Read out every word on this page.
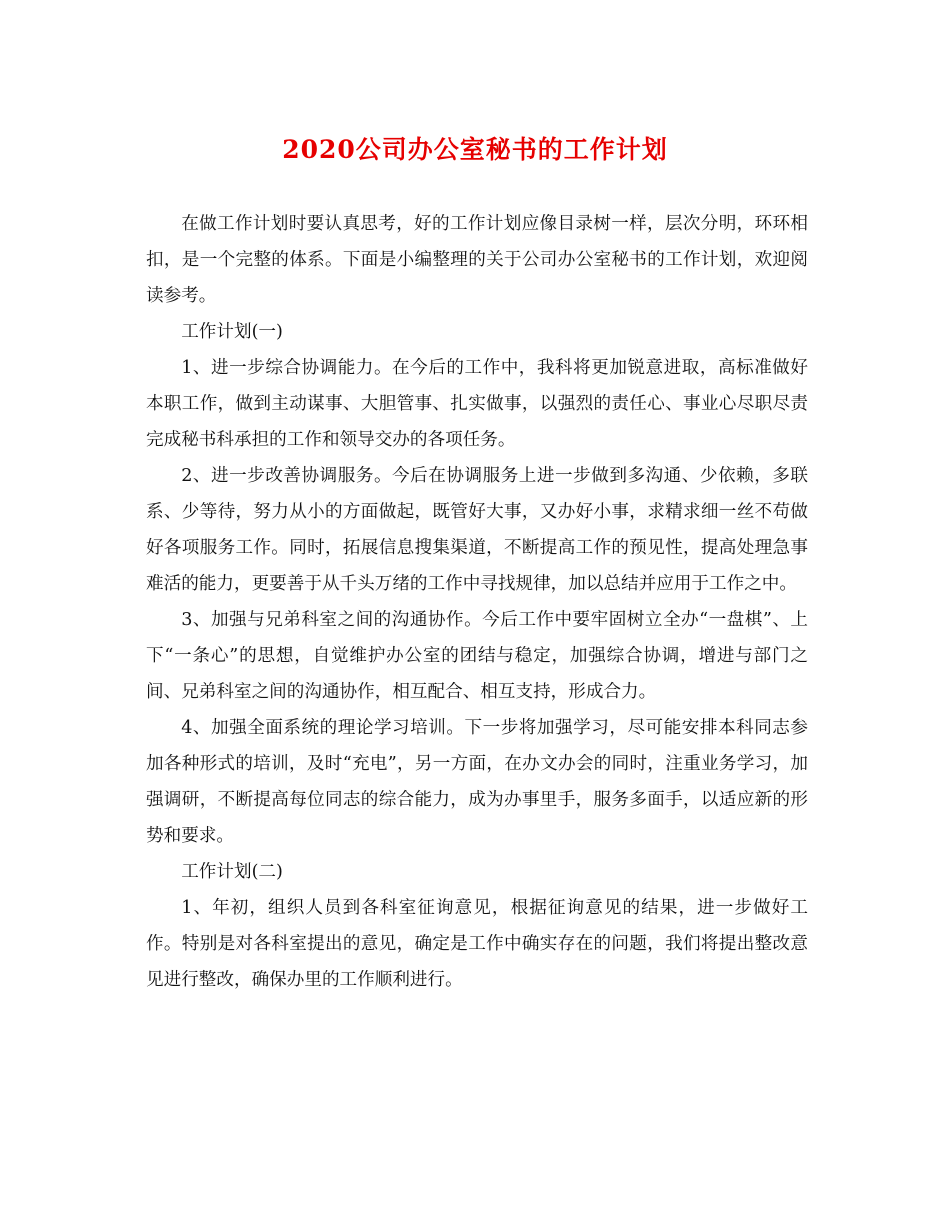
2020公司办公室秘书的工作计划

在做工作计划时要认真思考，好的工作计划应像目录树一样，层次分明，环环相扣，是一个完整的体系。下面是小编整理的关于公司办公室秘书的工作计划，欢迎阅读参考。

工作计划(一)

1、进一步综合协调能力。在今后的工作中，我科将更加锐意进取，高标准做好本职工作，做到主动谋事、大胆管事、扎实做事，以强烈的责任心、事业心尽职尽责完成秘书科承担的工作和领导交办的各项任务。

2、进一步改善协调服务。今后在协调服务上进一步做到多沟通、少依赖，多联系、少等待，努力从小的方面做起，既管好大事，又办好小事，求精求细一丝不苟做好各项服务工作。同时，拓展信息搜集渠道，不断提高工作的预见性，提高处理急事难活的能力，更要善于从千头万绪的工作中寻找规律，加以总结并应用于工作之中。

3、加强与兄弟科室之间的沟通协作。今后工作中要牢固树立全办“一盘棋”、上下“一条心”的思想，自觉维护办公室的团结与稳定，加强综合协调，增进与部门之间、兄弟科室之间的沟通协作，相互配合、相互支持，形成合力。

4、加强全面系统的理论学习培训。下一步将加强学习，尽可能安排本科同志参加各种形式的培训，及时“充电”，另一方面，在办文办会的同时，注重业务学习，加强调研，不断提高每位同志的综合能力，成为办事里手，服务多面手，以适应新的形势和要求。

工作计划(二)

1、年初，组织人员到各科室征询意见，根据征询意见的结果，进一步做好工作。特别是对各科室提出的意见，确定是工作中确实存在的问题，我们将提出整改意见进行整改，确保办里的工作顺利进行。
